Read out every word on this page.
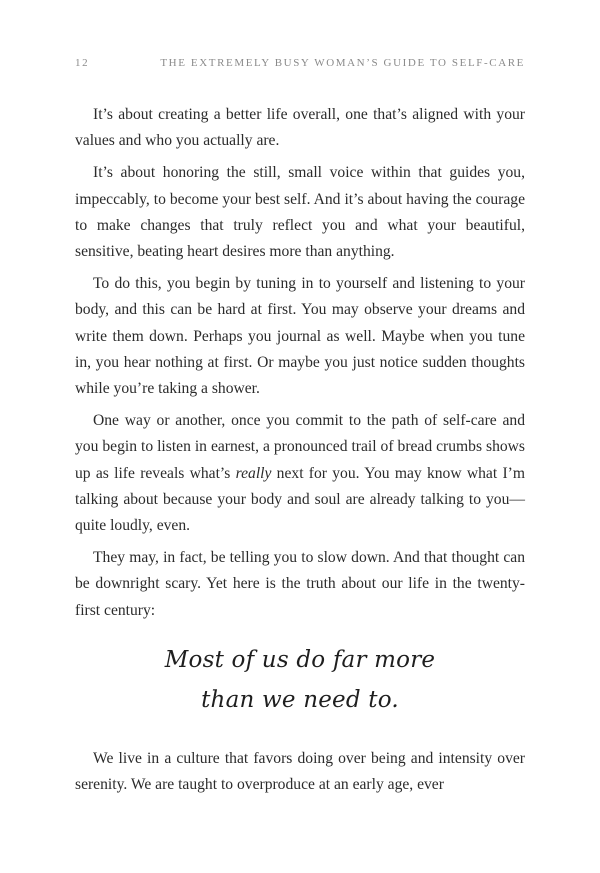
12	THE EXTREMELY BUSY WOMAN’S GUIDE TO SELF-CARE

It’s about creating a better life overall, one that’s aligned with your values and who you actually are.

It’s about honoring the still, small voice within that guides you, impeccably, to become your best self. And it’s about having the courage to make changes that truly reflect you and what your beautiful, sensitive, beating heart desires more than anything.

To do this, you begin by tuning in to yourself and listening to your body, and this can be hard at first. You may observe your dreams and write them down. Perhaps you journal as well. Maybe when you tune in, you hear nothing at first. Or maybe you just notice sudden thoughts while you’re taking a shower.

One way or another, once you commit to the path of self-care and you begin to listen in earnest, a pronounced trail of bread crumbs shows up as life reveals what’s really next for you. You may know what I’m talking about because your body and soul are already talking to you—quite loudly, even.

They may, in fact, be telling you to slow down. And that thought can be downright scary. Yet here is the truth about our life in the twenty-first century:

Most of us do far more
than we need to.

We live in a culture that favors doing over being and intensity over serenity. We are taught to overproduce at an early age, ever
